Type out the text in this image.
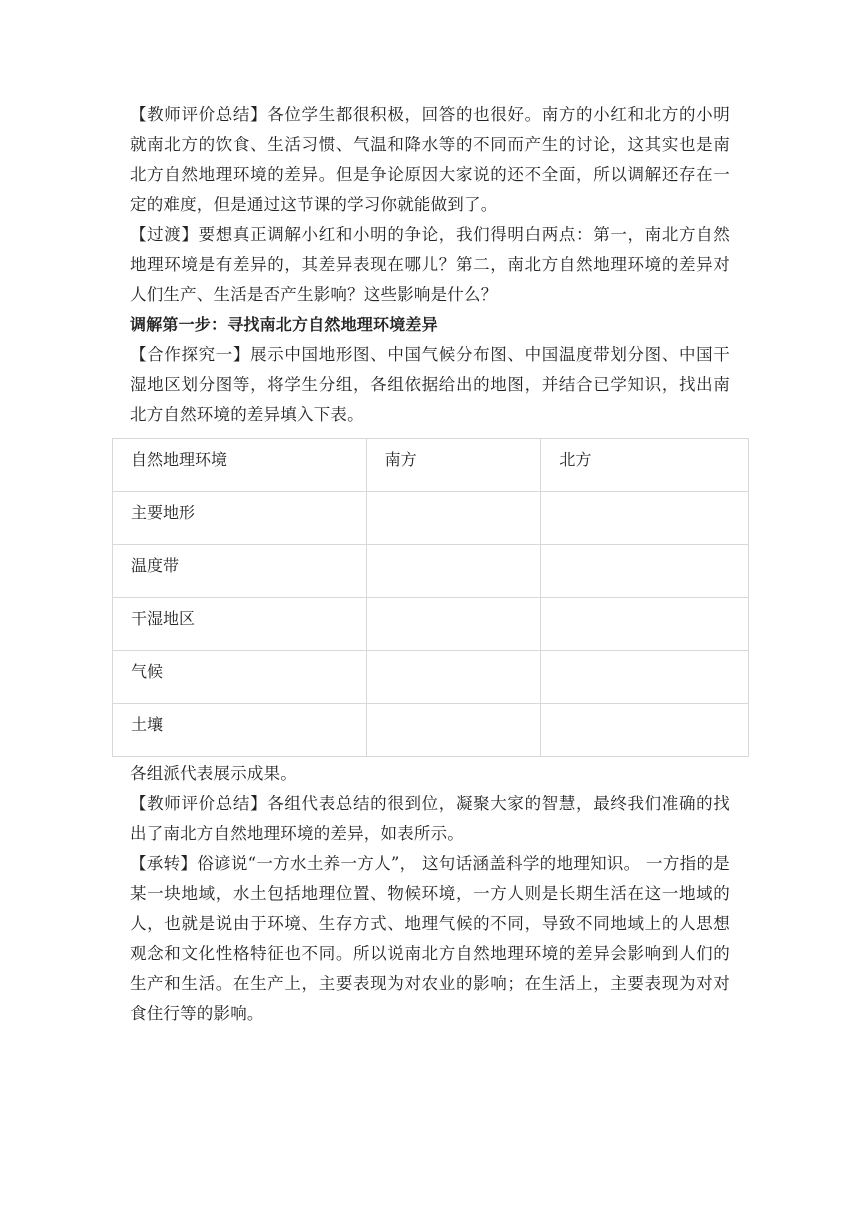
【教师评价总结】各位学生都很积极，回答的也很好。南方的小红和北方的小明就南北方的饮食、生活习惯、气温和降水等的不同而产生的讨论，这其实也是南北方自然地理环境的差异。但是争论原因大家说的还不全面，所以调解还存在一定的难度，但是通过这节课的学习你就能做到了。

【过渡】要想真正调解小红和小明的争论，我们得明白两点：第一，南北方自然地理环境是有差异的，其差异表现在哪儿？第二，南北方自然地理环境的差异对人们生产、生活是否产生影响？这些影响是什么？

调解第一步：寻找南北方自然地理环境差异

【合作探究一】展示中国地形图、中国气候分布图、中国温度带划分图、中国干湿地区划分图等，将学生分组，各组依据给出的地图，并结合已学知识，找出南北方自然环境的差异填入下表。

自然地理环境	南方	北方
主要地形		
温度带		
干湿地区		
气候		
土壤		

各组派代表展示成果。

【教师评价总结】各组代表总结的很到位，凝聚大家的智慧，最终我们准确的找出了南北方自然地理环境的差异，如表所示。

【承转】俗谚说“一方水土养一方人”， 这句话涵盖科学的地理知识。 一方指的是某一块地域，水土包括地理位置、物候环境，一方人则是长期生活在这一地域的人，也就是说由于环境、生存方式、地理气候的不同，导致不同地域上的人思想观念和文化性格特征也不同。所以说南北方自然地理环境的差异会影响到人们的生产和生活。在生产上，主要表现为对农业的影响；在生活上，主要表现为对对食住行等的影响。
